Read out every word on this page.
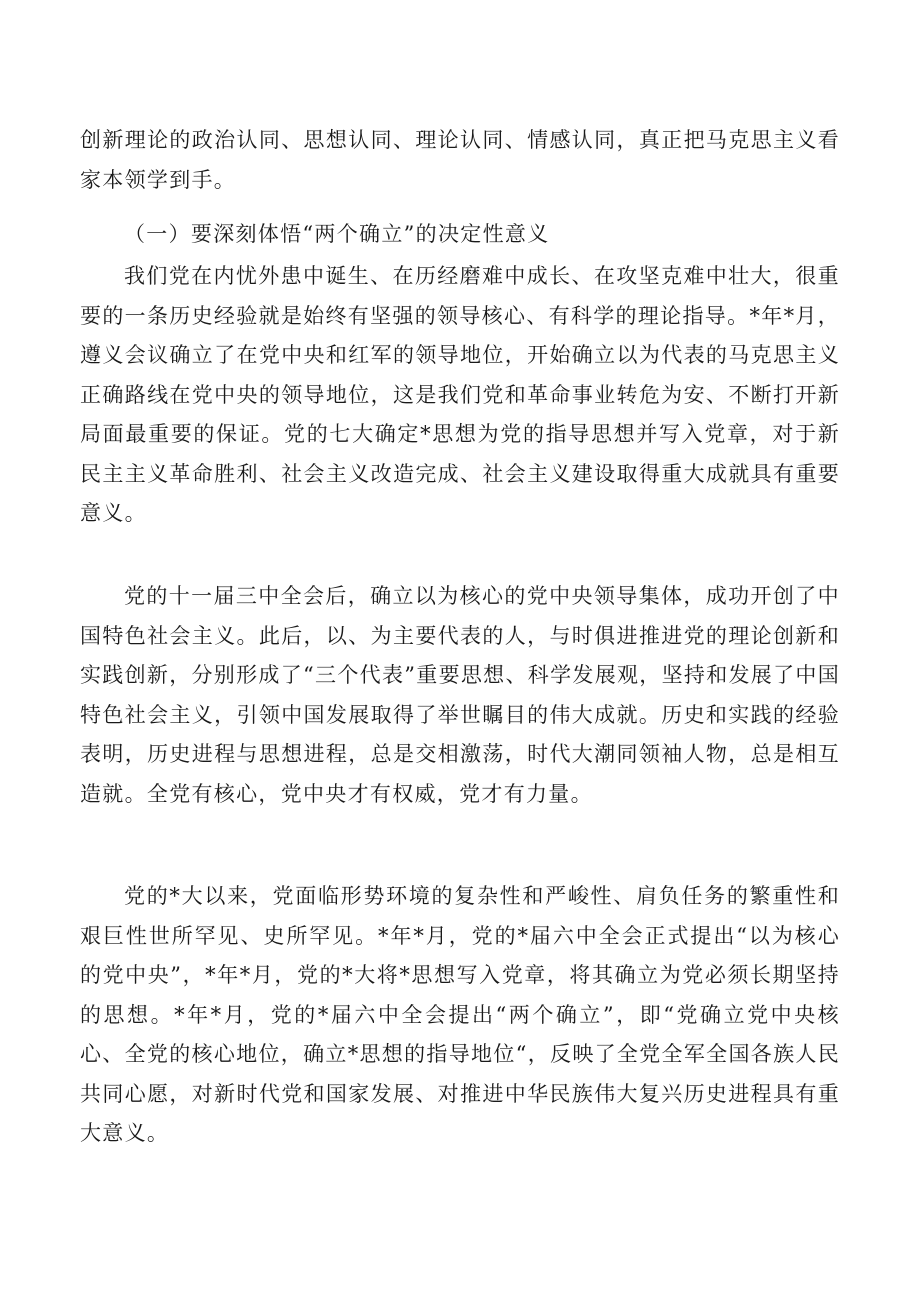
创新理论的政治认同、思想认同、理论认同、情感认同，真正把马克思主义看家本领学到手。

（一）要深刻体悟“两个确立”的决定性意义

我们党在内忧外患中诞生、在历经磨难中成长、在攻坚克难中壮大，很重要的一条历史经验就是始终有坚强的领导核心、有科学的理论指导。*年*月，遵义会议确立了在党中央和红军的领导地位，开始确立以为代表的马克思主义正确路线在党中央的领导地位，这是我们党和革命事业转危为安、不断打开新局面最重要的保证。党的七大确定*思想为党的指导思想并写入党章，对于新民主主义革命胜利、社会主义改造完成、社会主义建设取得重大成就具有重要意义。

党的十一届三中全会后，确立以为核心的党中央领导集体，成功开创了中国特色社会主义。此后，以、为主要代表的人，与时俱进推进党的理论创新和实践创新，分别形成了“三个代表”重要思想、科学发展观，坚持和发展了中国特色社会主义，引领中国发展取得了举世瞩目的伟大成就。历史和实践的经验表明，历史进程与思想进程，总是交相激荡，时代大潮同领袖人物，总是相互造就。全党有核心，党中央才有权威，党才有力量。

党的*大以来，党面临形势环境的复杂性和严峻性、肩负任务的繁重性和艰巨性世所罕见、史所罕见。*年*月，党的*届六中全会正式提出“以为核心的党中央”，*年*月，党的*大将*思想写入党章，将其确立为党必须长期坚持的思想。*年*月，党的*届六中全会提出“两个确立”，即“党确立党中央核心、全党的核心地位，确立*思想的指导地位“，反映了全党全军全国各族人民共同心愿，对新时代党和国家发展、对推进中华民族伟大复兴历史进程具有重大意义。
